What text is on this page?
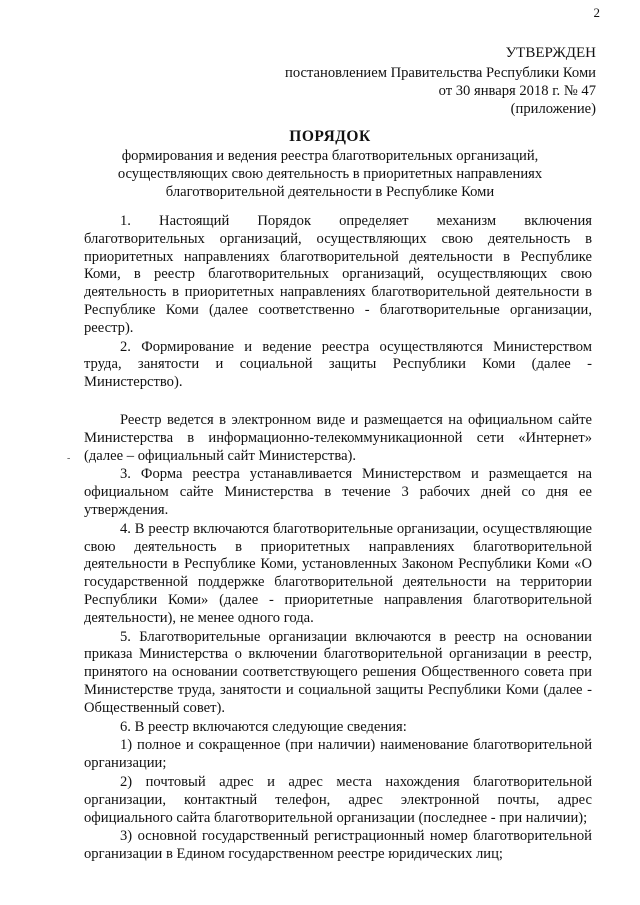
2
УТВЕРЖДЕН
постановлением Правительства Республики Коми
от 30 января 2018 г. № 47
(приложение)
ПОРЯДОК
формирования и ведения реестра благотворительных организаций,
осуществляющих свою деятельность в приоритетных направлениях
благотворительной деятельности в Республике Коми
-

1. Настоящий Порядок определяет механизм включения благотворительных организаций, осуществляющих свою деятельность в приоритетных направлениях благотворительной деятельности в Республике Коми, в реестр благотворительных организаций, осуществляющих свою деятельность в приоритетных направлениях благотворительной деятельности в Республике Коми (далее соответственно - благотворительные организации, реестр).

2. Формирование и ведение реестра осуществляются Министерством труда, занятости и социальной защиты Республики Коми (далее - Министерство).

Реестр ведется в электронном виде и размещается на официальном сайте Министерства в информационно-телекоммуникационной сети «Интернет» (далее – официальный сайт Министерства).

3. Форма реестра устанавливается Министерством и размещается на официальном сайте Министерства в течение 3 рабочих дней со дня ее утверждения.

4. В реестр включаются благотворительные организации, осуществляющие свою деятельность в приоритетных направлениях благотворительной деятельности в Республике Коми, установленных Законом Республики Коми «О государственной поддержке благотворительной деятельности на территории Республики Коми» (далее - приоритетные направления благотворительной деятельности), не менее одного года.

5. Благотворительные организации включаются в реестр на основании приказа Министерства о включении благотворительной организации в реестр, принятого на основании соответствующего решения Общественного совета при Министерстве труда, занятости и социальной защиты Республики Коми (далее - Общественный совет).

6. В реестр включаются следующие сведения:

1) полное и сокращенное (при наличии) наименование благотворительной организации;

2) почтовый адрес и адрес места нахождения благотворительной организации, контактный телефон, адрес электронной почты, адрес официального сайта благотворительной организации (последнее - при наличии);

3) основной государственный регистрационный номер благотворительной организации в Едином государственном реестре юридических лиц;
